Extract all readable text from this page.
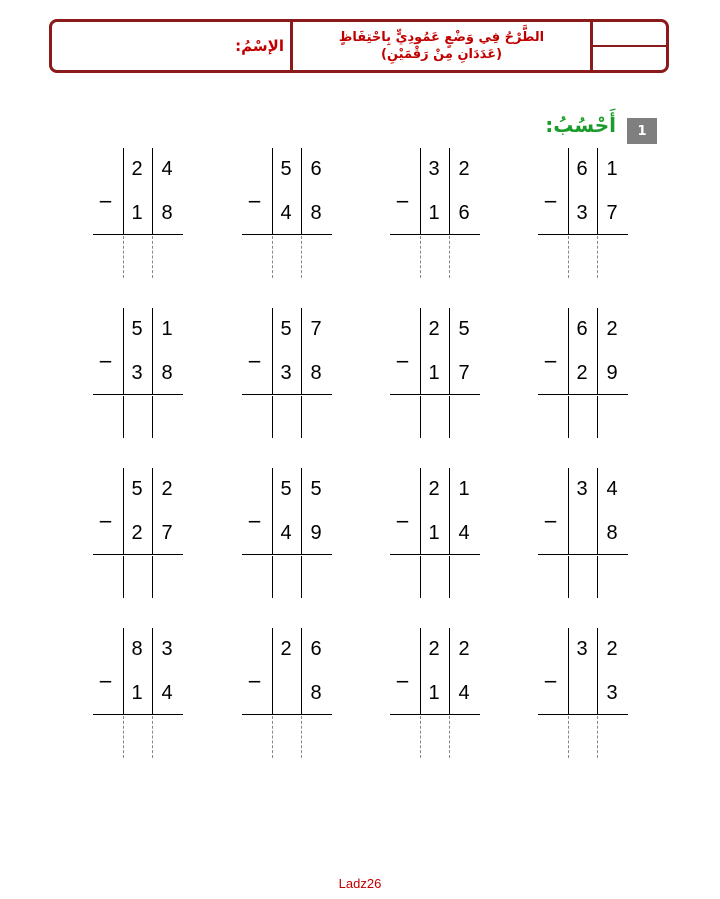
الطَّرْحُ فِي وَضْعٍ عَمُودِيٍّ بِاحْتِفَاظٍ
(عَدَدَانِ مِنْ رَقْمَيْنِ)
الإسْمُ:
1
أَحْسُبُ:
_
2 4
1 8
_
5 6
4 8
_
3 2
1 6
_
6 1
3 7
_
5 1
3 8
_
5 7
3 8
_
2 5
1 7
_
6 2
2 9
_
5 2
2 7
_
5 5
4 9
_
2 1
1 4
_
3 4
8
_
8 3
1 4
_
2 6
8
_
2 2
1 4
_
3 2
3
Ladz26
